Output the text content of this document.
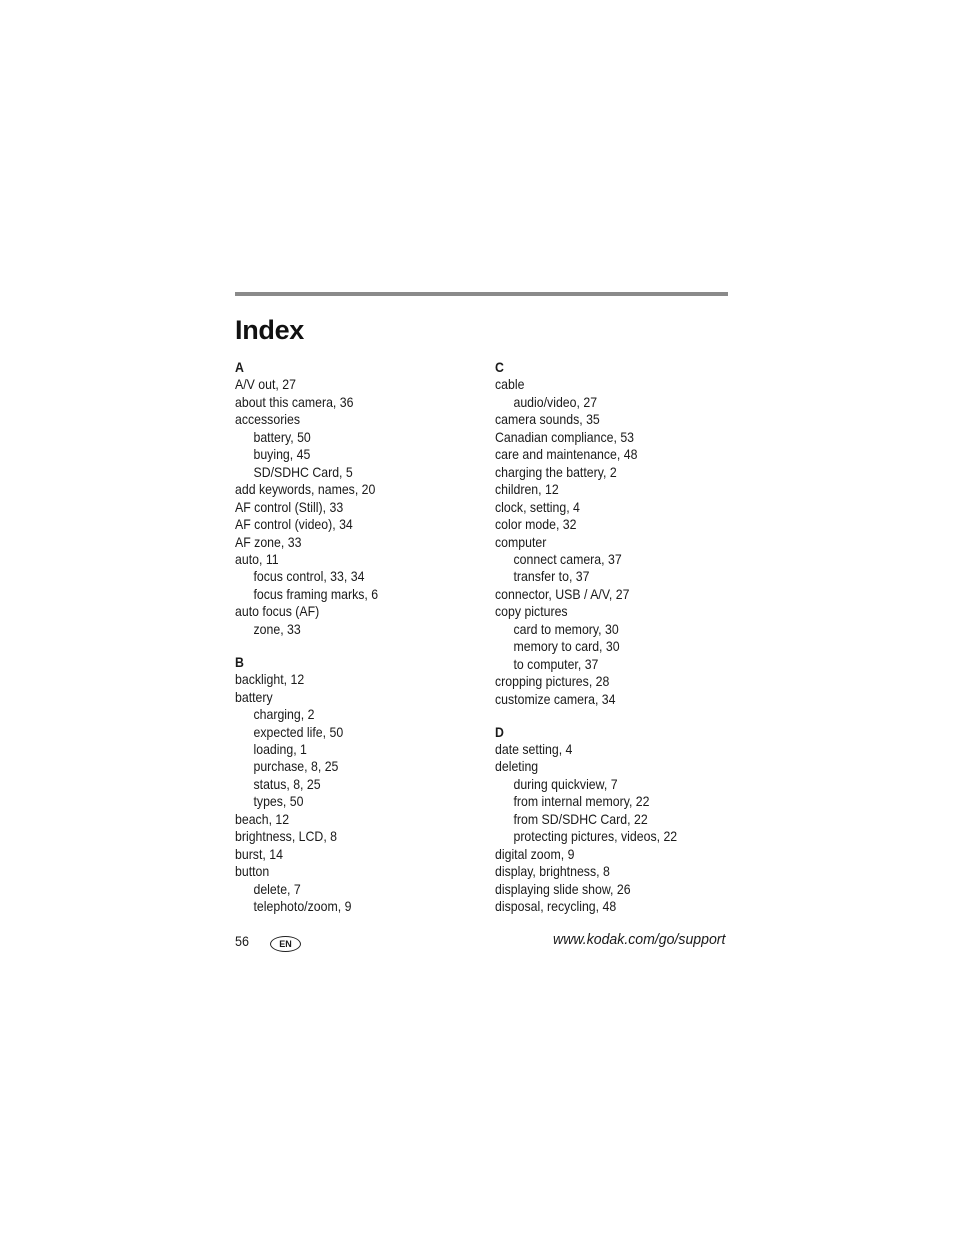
Index
A
A/V out, 27
about this camera, 36
accessories
battery, 50
buying, 45
SD/SDHC Card, 5
add keywords, names, 20
AF control (Still), 33
AF control (video), 34
AF zone, 33
auto, 11
focus control, 33, 34
focus framing marks, 6
auto focus (AF)
zone, 33
B
backlight, 12
battery
charging, 2
expected life, 50
loading, 1
purchase, 8, 25
status, 8, 25
types, 50
beach, 12
brightness, LCD, 8
burst, 14
button
delete, 7
telephoto/zoom, 9
C
cable
audio/video, 27
camera sounds, 35
Canadian compliance, 53
care and maintenance, 48
charging the battery, 2
children, 12
clock, setting, 4
color mode, 32
computer
connect camera, 37
transfer to, 37
connector, USB / A/V, 27
copy pictures
card to memory, 30
memory to card, 30
to computer, 37
cropping pictures, 28
customize camera, 34
D
date setting, 4
deleting
during quickview, 7
from internal memory, 22
from SD/SDHC Card, 22
protecting pictures, videos, 22
digital zoom, 9
display, brightness, 8
displaying slide show, 26
disposal, recycling, 48
56	EN	www.kodak.com/go/support
